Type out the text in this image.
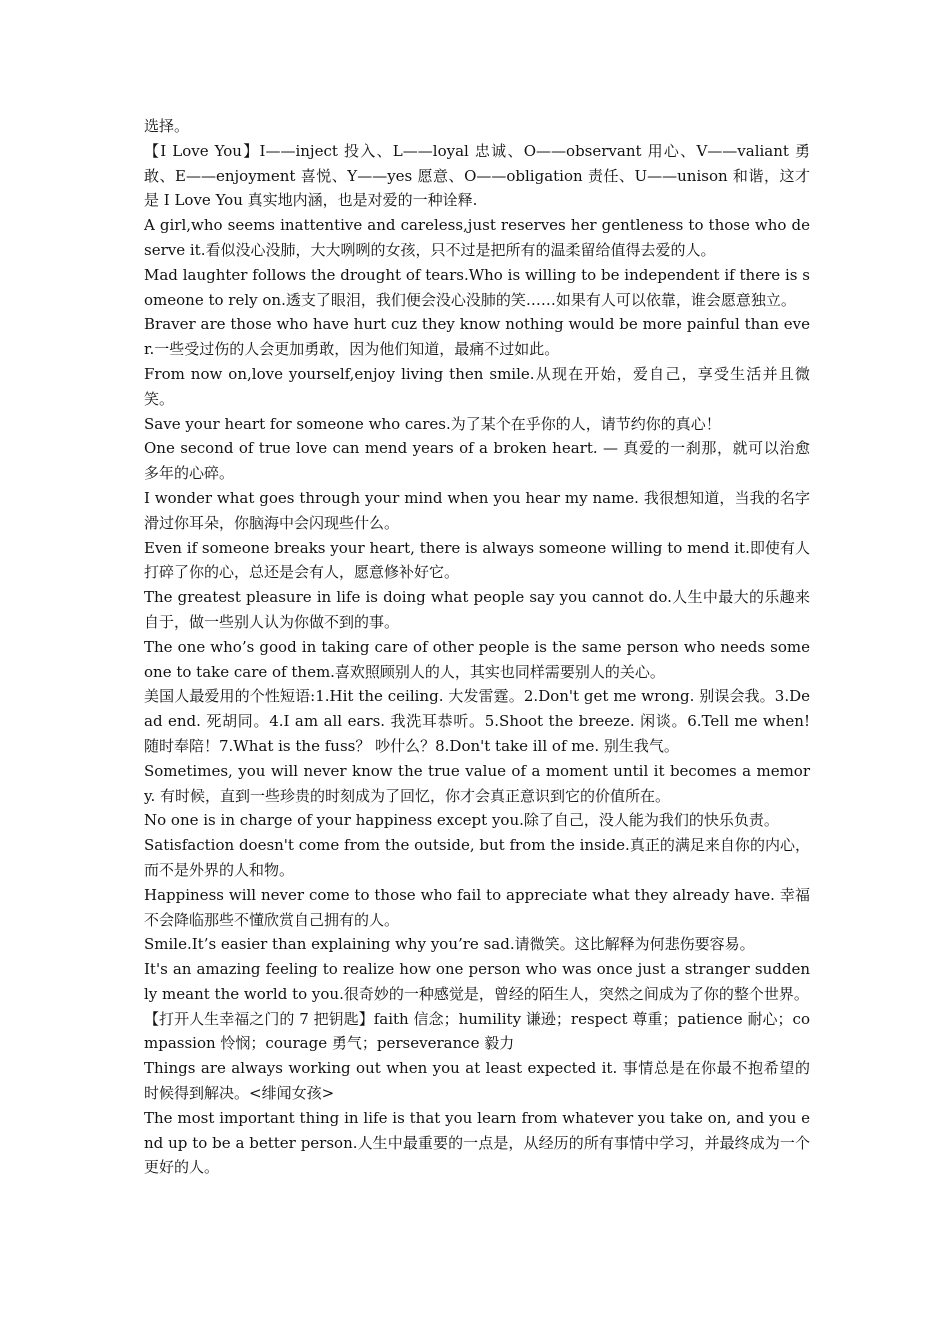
选择。

【I Love You】I——inject 投入、L——loyal 忠诚、O——observant 用心、V——valiant 勇敢、E——enjoyment 喜悦、Y——yes 愿意、O——obligation 责任、U——unison 和谐，这才是 I Love You 真实地内涵，也是对爱的一种诠释.

A girl,who seems inattentive and careless,just reserves her gentleness to those who deserve it.看似没心没肺，大大咧咧的女孩，只不过是把所有的温柔留给值得去爱的人。

Mad laughter follows the drought of tears.Who is willing to be independent if there is someone to rely on.透支了眼泪，我们便会没心没肺的笑……如果有人可以依靠，谁会愿意独立。

Braver are those who have hurt cuz they know nothing would be more painful than ever.一些受过伤的人会更加勇敢，因为他们知道，最痛不过如此。

From now on,love yourself,enjoy living then smile.从现在开始，爱自己，享受生活并且微笑。

Save your heart for someone who cares.为了某个在乎你的人，请节约你的真心！

One second of true love can mend years of a broken heart. — 真爱的一刹那，就可以治愈多年的心碎。

I wonder what goes through your mind when you hear my name. 我很想知道，当我的名字滑过你耳朵，你脑海中会闪现些什么。

Even if someone breaks your heart, there is always someone willing to mend it.即使有人打碎了你的心，总还是会有人，愿意修补好它。

The greatest pleasure in life is doing what people say you cannot do.人生中最大的乐趣来自于，做一些别人认为你做不到的事。

The one who’s good in taking care of other people is the same person who needs someone to take care of them.喜欢照顾别人的人，其实也同样需要别人的关心。

美国人最爱用的个性短语:1.Hit the ceiling. 大发雷霆。2.Don't get me wrong. 别误会我。3.Dead end. 死胡同。4.I am all ears. 我洗耳恭听。5.Shoot the breeze. 闲谈。6.Tell me when! 随时奉陪！7.What is the fuss？ 吵什么？8.Don't take ill of me. 别生我气。

Sometimes, you will never know the true value of a moment until it becomes a memory. 有时候，直到一些珍贵的时刻成为了回忆，你才会真正意识到它的价值所在。

No one is in charge of your happiness except you.除了自己，没人能为我们的快乐负责。

Satisfaction doesn't come from the outside, but from the inside.真正的满足来自你的内心，而不是外界的人和物。

Happiness will never come to those who fail to appreciate what they already have. 幸福不会降临那些不懂欣赏自己拥有的人。

Smile.It’s easier than explaining why you’re sad.请微笑。这比解释为何悲伤要容易。

It's an amazing feeling to realize how one person who was once just a stranger suddenly meant the world to you.很奇妙的一种感觉是，曾经的陌生人，突然之间成为了你的整个世界。

【打开人生幸福之门的 7 把钥匙】faith 信念；humility 谦逊；respect 尊重；patience 耐心；compassion 怜悯；courage 勇气；perseverance 毅力

Things are always working out when you at least expected it. 事情总是在你最不抱希望的时候得到解决。<绯闻女孩>

The most important thing in life is that you learn from whatever you take on, and you end up to be a better person.人生中最重要的一点是，从经历的所有事情中学习，并最终成为一个更好的人。
